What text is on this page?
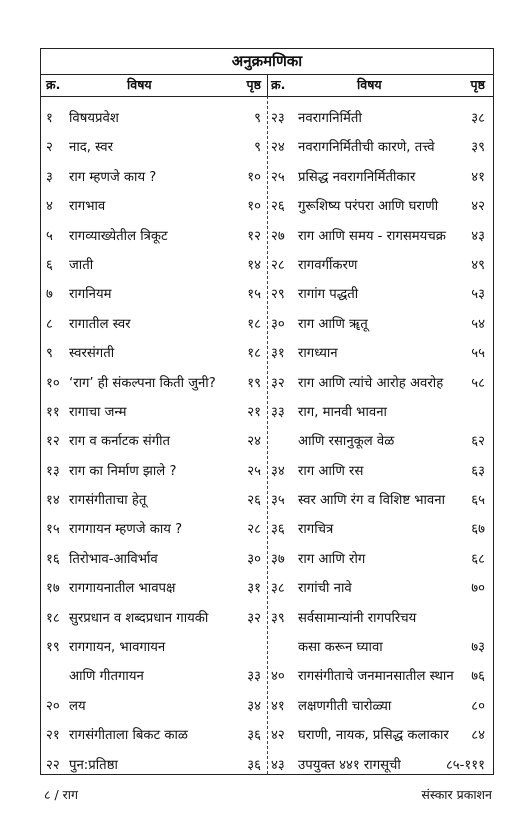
अनुक्रमणिका
क्र.	विषय	पृष्ठ क्र.	विषय	पृष्ठ
१ विषयप्रवेश	९
२ नाद, स्वर	९
३ राग म्हणजे काय ?	१०
४ रागभाव	१०
५ रागव्याख्येतील त्रिकूट	१२
६ जाती	१४
७ रागनियम	१५
८ रागातील स्वर	१८
९ स्वरसंगती	१८
१० ‘राग’ ही संकल्पना किती जुनी? १९
११ रागाचा जन्म	२१
१२ राग व कर्नाटक संगीत	२४
१३ राग का निर्माण झाले ?	२५
१४ रागसंगीताचा हेतू	२६
१५ रागगायन म्हणजे काय ?	२८
१६ तिरोभाव-आविर्भाव	३०
१७ रागगायनातील भावपक्ष	३१
१८ सुरप्रधान व शब्दप्रधान गायकी	३२
१९ रागगायन, भावगायन
आणि गीतगायन	३३
२० लय	३४
२१ रागसंगीताला बिकट काळ	३६
२२ पुन:प्रतिष्ठा	३६
२३ नवरागनिर्मिती	३८
२४ नवरागनिर्मितीची कारणे, तत्त्वे	३९
२५ प्रसिद्ध नवरागनिर्मितीकार	४१
२६ गुरूशिष्य परंपरा आणि घराणी	४२
२७ राग आणि समय - रागसमयचक्र ४३
२८ रागवर्गीकरण	४९
२९ रागांग पद्धती	५३
३० राग आणि ॠतू	५४
३१ रागध्यान	५५
३२ राग आणि त्यांचे आरोह अवरोह ५८
३३ राग, मानवी भावना
आणि रसानुकूल वेळ	६२
३४ राग आणि रस	६३
३५ स्वर आणि रंग व विशिष्ट भावना ६५
३६ रागचित्र	६७
३७ राग आणि रोग	६८
३८ रागांची नावे	७०
३९ सर्वसामान्यांनी रागपरिचय
कसा करून घ्यावा	७३
४० रागसंगीताचे जनमानसातील स्थान ७६
४१ लक्षणगीती चारोळ्या	८०
४२ घराणी, नायक, प्रसिद्ध कलाकार ८४
४३ उपयुक्त ४४१ रागसूची	८५-१११
८ / राग	संस्कार प्रकाशन
